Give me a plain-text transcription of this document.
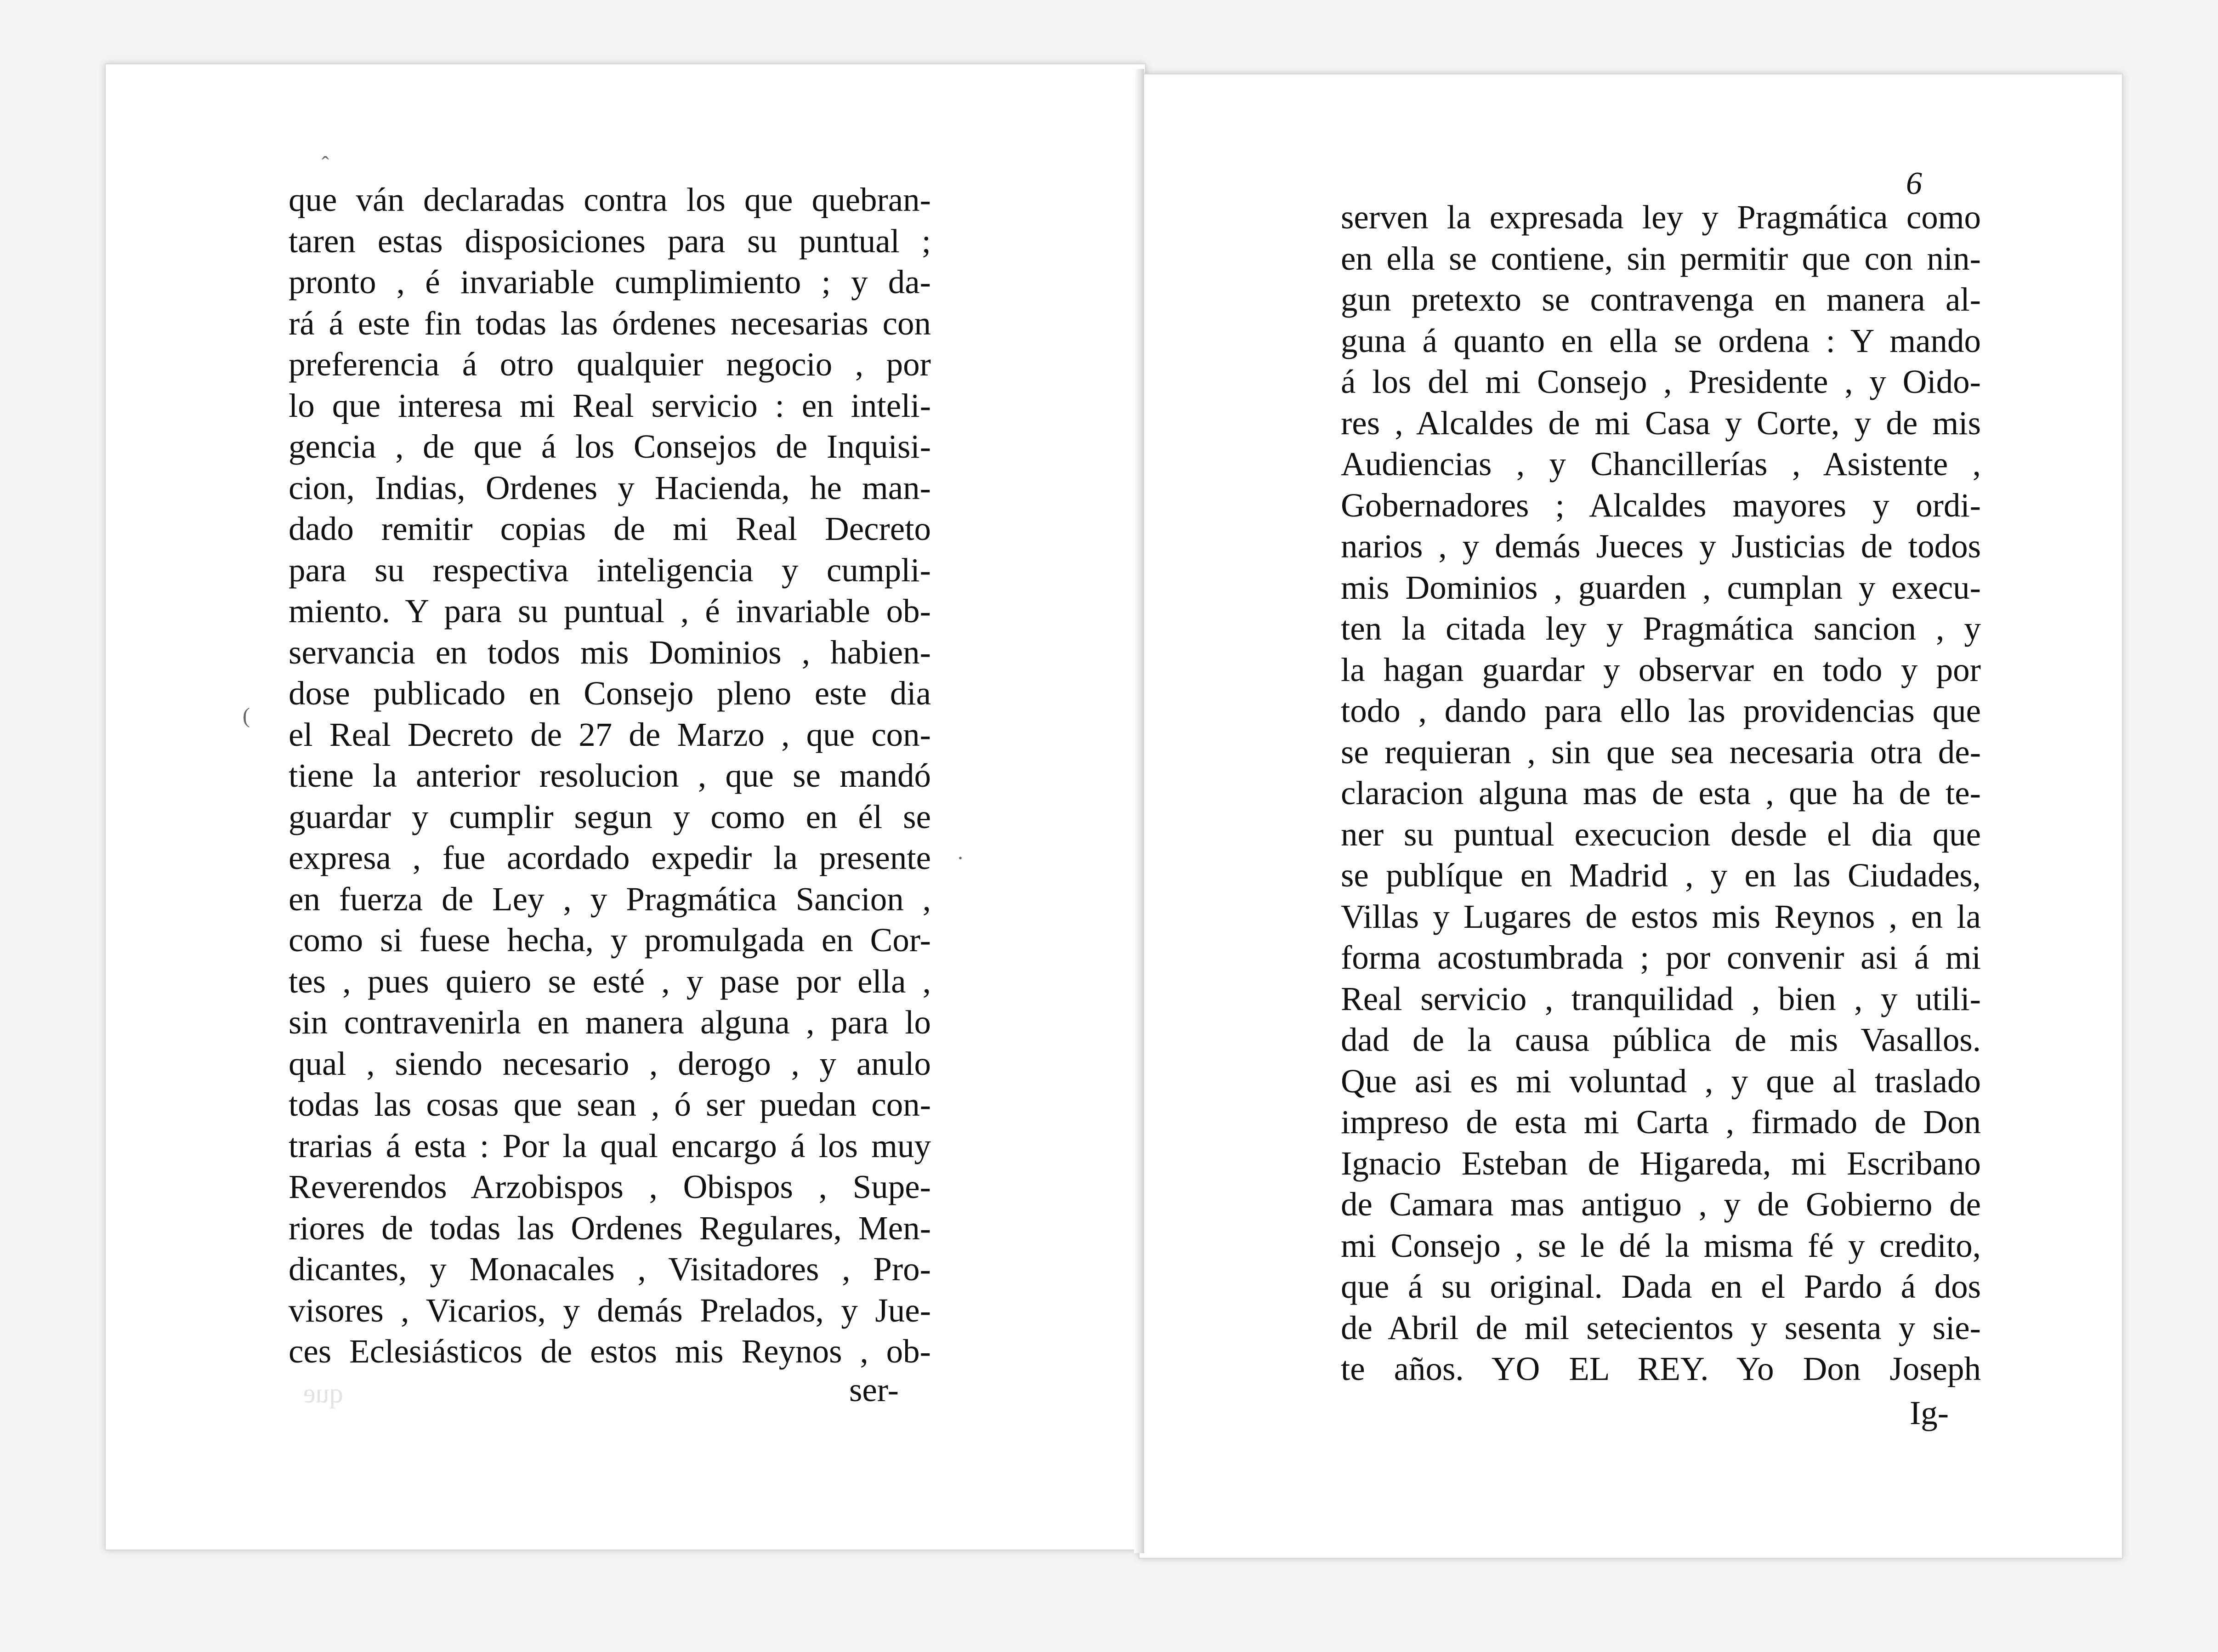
que
ˆ
(
·
que ván declaradas contra los que quebran-
taren estas disposiciones para su puntual ;
pronto , é invariable cumplimiento ; y da-
rá á este fin todas las órdenes necesarias con
preferencia á otro qualquier negocio , por
lo que interesa mi Real servicio : en inteli-
gencia , de que á los Consejos de Inquisi-
cion, Indias, Ordenes y Hacienda, he man-
dado remitir copias de mi Real Decreto
para su respectiva inteligencia y cumpli-
miento. Y para su puntual , é invariable ob-
servancia en todos mis Dominios , habien-
dose publicado en Consejo pleno este dia
el Real Decreto de 27 de Marzo , que con-
tiene la anterior resolucion , que se mandó
guardar y cumplir segun y como en él se
expresa , fue acordado expedir la presente
en fuerza de Ley , y Pragmática Sancion ,
como si fuese hecha, y promulgada en Cor-
tes , pues quiero se esté , y pase por ella ,
sin contravenirla en manera alguna , para lo
qual , siendo necesario , derogo , y anulo
todas las cosas que sean , ó ser puedan con-
trarias á esta : Por la qual encargo á los muy
Reverendos Arzobispos , Obispos , Supe-
riores de todas las Ordenes Regulares, Men-
dicantes, y Monacales , Visitadores , Pro-
visores , Vicarios, y demás Prelados, y Jue-
ces Eclesiásticos de estos mis Reynos , ob-
ser-
6
serven la expresada ley y Pragmática como
en ella se contiene, sin permitir que con nin-
gun pretexto se contravenga en manera al-
guna á quanto en ella se ordena : Y mando
á los del mi Consejo , Presidente , y Oido-
res , Alcaldes de mi Casa y Corte, y de mis
Audiencias , y Chancillerías , Asistente ,
Gobernadores ; Alcaldes mayores y ordi-
narios , y demás Jueces y Justicias de todos
mis Dominios , guarden , cumplan y execu-
ten la citada ley y Pragmática sancion , y
la hagan guardar y observar en todo y por
todo , dando para ello las providencias que
se requieran , sin que sea necesaria otra de-
claracion alguna mas de esta , que ha de te-
ner su puntual execucion desde el dia que
se publíque en Madrid , y en las Ciudades,
Villas y Lugares de estos mis Reynos , en la
forma acostumbrada ; por convenir asi á mi
Real servicio , tranquilidad , bien , y utili-
dad de la causa pública de mis Vasallos.
Que asi es mi voluntad , y que al traslado
impreso de esta mi Carta , firmado de Don
Ignacio Esteban de Higareda, mi Escribano
de Camara mas antiguo , y de Gobierno de
mi Consejo , se le dé la misma fé y credito,
que á su original. Dada en el Pardo á dos
de Abril de mil setecientos y sesenta y sie-
te años. YO EL REY. Yo Don Joseph
Ig-
